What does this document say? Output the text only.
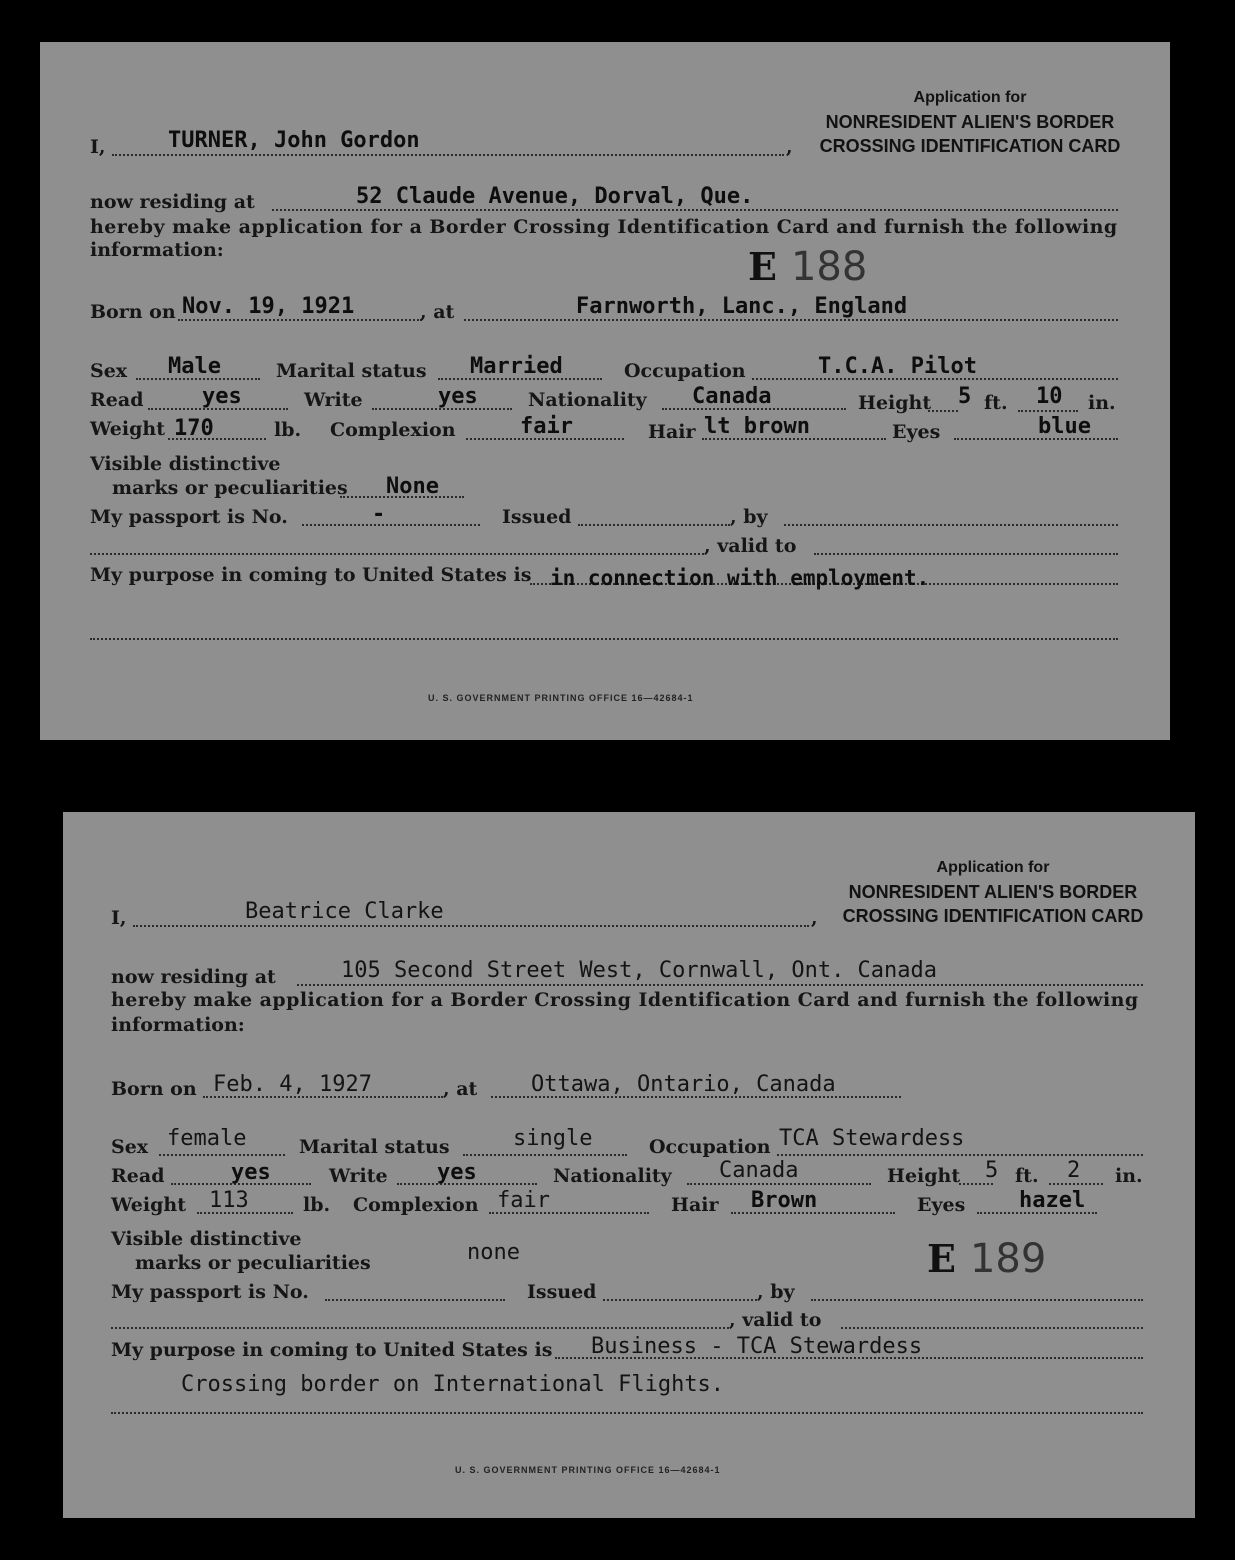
Application for
NONRESIDENT ALIEN'S BORDER
CROSSING IDENTIFICATION CARD
I,	TURNER, John Gordon	,
now residing at	52 Claude Avenue, Dorval, Que.
hereby make application for a Border Crossing Identification Card and furnish the following
information:	E 188
Born on Nov. 19, 1921	, at	Farnworth, Lanc., England
Sex Male	Marital status Married	Occupation	T.C.A. Pilot
Read	yes	Write	yes	Nationality Canada	Height 5 ft. 10 in.
Weight 170	lb. Complexion	fair	Hair lt brown	Eyes	blue
Visible distinctive
marks or peculiarities None
My passport is No.	-	Issued	, by
, valid to
My purpose in coming to United States is in connection with employment.
U. S. GOVERNMENT PRINTING OFFICE 16—42684-1
Application for
NONRESIDENT ALIEN'S BORDER
CROSSING IDENTIFICATION CARD
I,	Beatrice Clarke	,
now residing at	105 Second Street West, Cornwall, Ont. Canada
hereby make application for a Border Crossing Identification Card and furnish the following
information:
Born on Feb. 4, 1927	, at Ottawa, Ontario, Canada
Sex female	Marital status	single	Occupation TCA Stewardess
Read	yes	Write yes	Nationality Canada	Height 5 ft. 2 in.
Weight 113	lb. Complexion fair	Hair Brown	Eyes hazel
Visible distinctive
marks or peculiarities	none	E 189
My passport is No.	Issued	, by
, valid to
My purpose in coming to United States is Business - TCA Stewardess
Crossing border on International Flights.
U. S. GOVERNMENT PRINTING OFFICE 16—42684-1
